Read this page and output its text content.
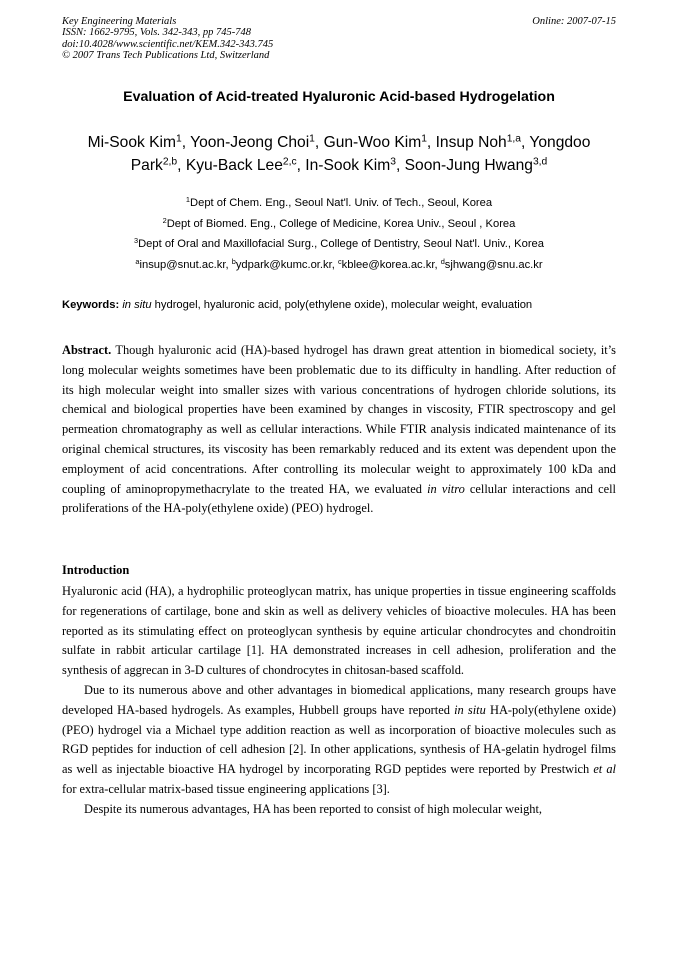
Key Engineering Materials
ISSN: 1662-9795, Vols. 342-343, pp 745-748
doi:10.4028/www.scientific.net/KEM.342-343.745
© 2007 Trans Tech Publications Ltd, Switzerland
Online: 2007-07-15
Evaluation of Acid-treated Hyaluronic Acid-based Hydrogelation
Mi-Sook Kim$^1$, Yoon-Jeong Choi$^1$, Gun-Woo Kim$^1$, Insup Noh$^{1,a}$, Yongdoo Park$^{2,b}$, Kyu-Back Lee$^{2,c}$, In-Sook Kim$^3$, Soon-Jung Hwang$^{3,d}$
$^1$Dept of Chem. Eng., Seoul Nat'l. Univ. of Tech., Seoul, Korea
$^2$Dept of Biomed. Eng., College of Medicine, Korea Univ., Seoul , Korea
$^3$Dept of Oral and Maxillofacial Surg., College of Dentistry, Seoul Nat'l. Univ., Korea
$^a$insup@snut.ac.kr, $^b$ydpark@kumc.or.kr, $^c$kblee@korea.ac.kr, $^d$sjhwang@snu.ac.kr
Keywords: in situ hydrogel, hyaluronic acid, poly(ethylene oxide), molecular weight, evaluation
Abstract. Though hyaluronic acid (HA)-based hydrogel has drawn great attention in biomedical society, it’s long molecular weights sometimes have been problematic due to its difficulty in handling. After reduction of its high molecular weight into smaller sizes with various concentrations of hydrogen chloride solutions, its chemical and biological properties have been examined by changes in viscosity, FTIR spectroscopy and gel permeation chromatography as well as cellular interactions. While FTIR analysis indicated maintenance of its original chemical structures, its viscosity has been remarkably reduced and its extent was dependent upon the employment of acid concentrations. After controlling its molecular weight to approximately 100 kDa and coupling of aminopropymethacrylate to the treated HA, we evaluated in vitro cellular interactions and cell proliferations of the HA-poly(ethylene oxide) (PEO) hydrogel.
Introduction

Hyaluronic acid (HA), a hydrophilic proteoglycan matrix, has unique properties in tissue engineering scaffolds for regenerations of cartilage, bone and skin as well as delivery vehicles of bioactive molecules. HA has been reported as its stimulating effect on proteoglycan synthesis by equine articular chondrocytes and chondroitin sulfate in rabbit articular cartilage [1]. HA demonstrated increases in cell adhesion, proliferation and the synthesis of aggrecan in 3-D cultures of chondrocytes in chitosan-based scaffold.

Due to its numerous above and other advantages in biomedical applications, many research groups have developed HA-based hydrogels. As examples, Hubbell groups have reported in situ HA-poly(ethylene oxide) (PEO) hydrogel via a Michael type addition reaction as well as incorporation of bioactive molecules such as RGD peptides for induction of cell adhesion [2]. In other applications, synthesis of HA-gelatin hydrogel films as well as injectable bioactive HA hydrogel by incorporating RGD peptides were reported by Prestwich et al for extra-cellular matrix-based tissue engineering applications [3].

Despite its numerous advantages, HA has been reported to consist of high molecular weight,
